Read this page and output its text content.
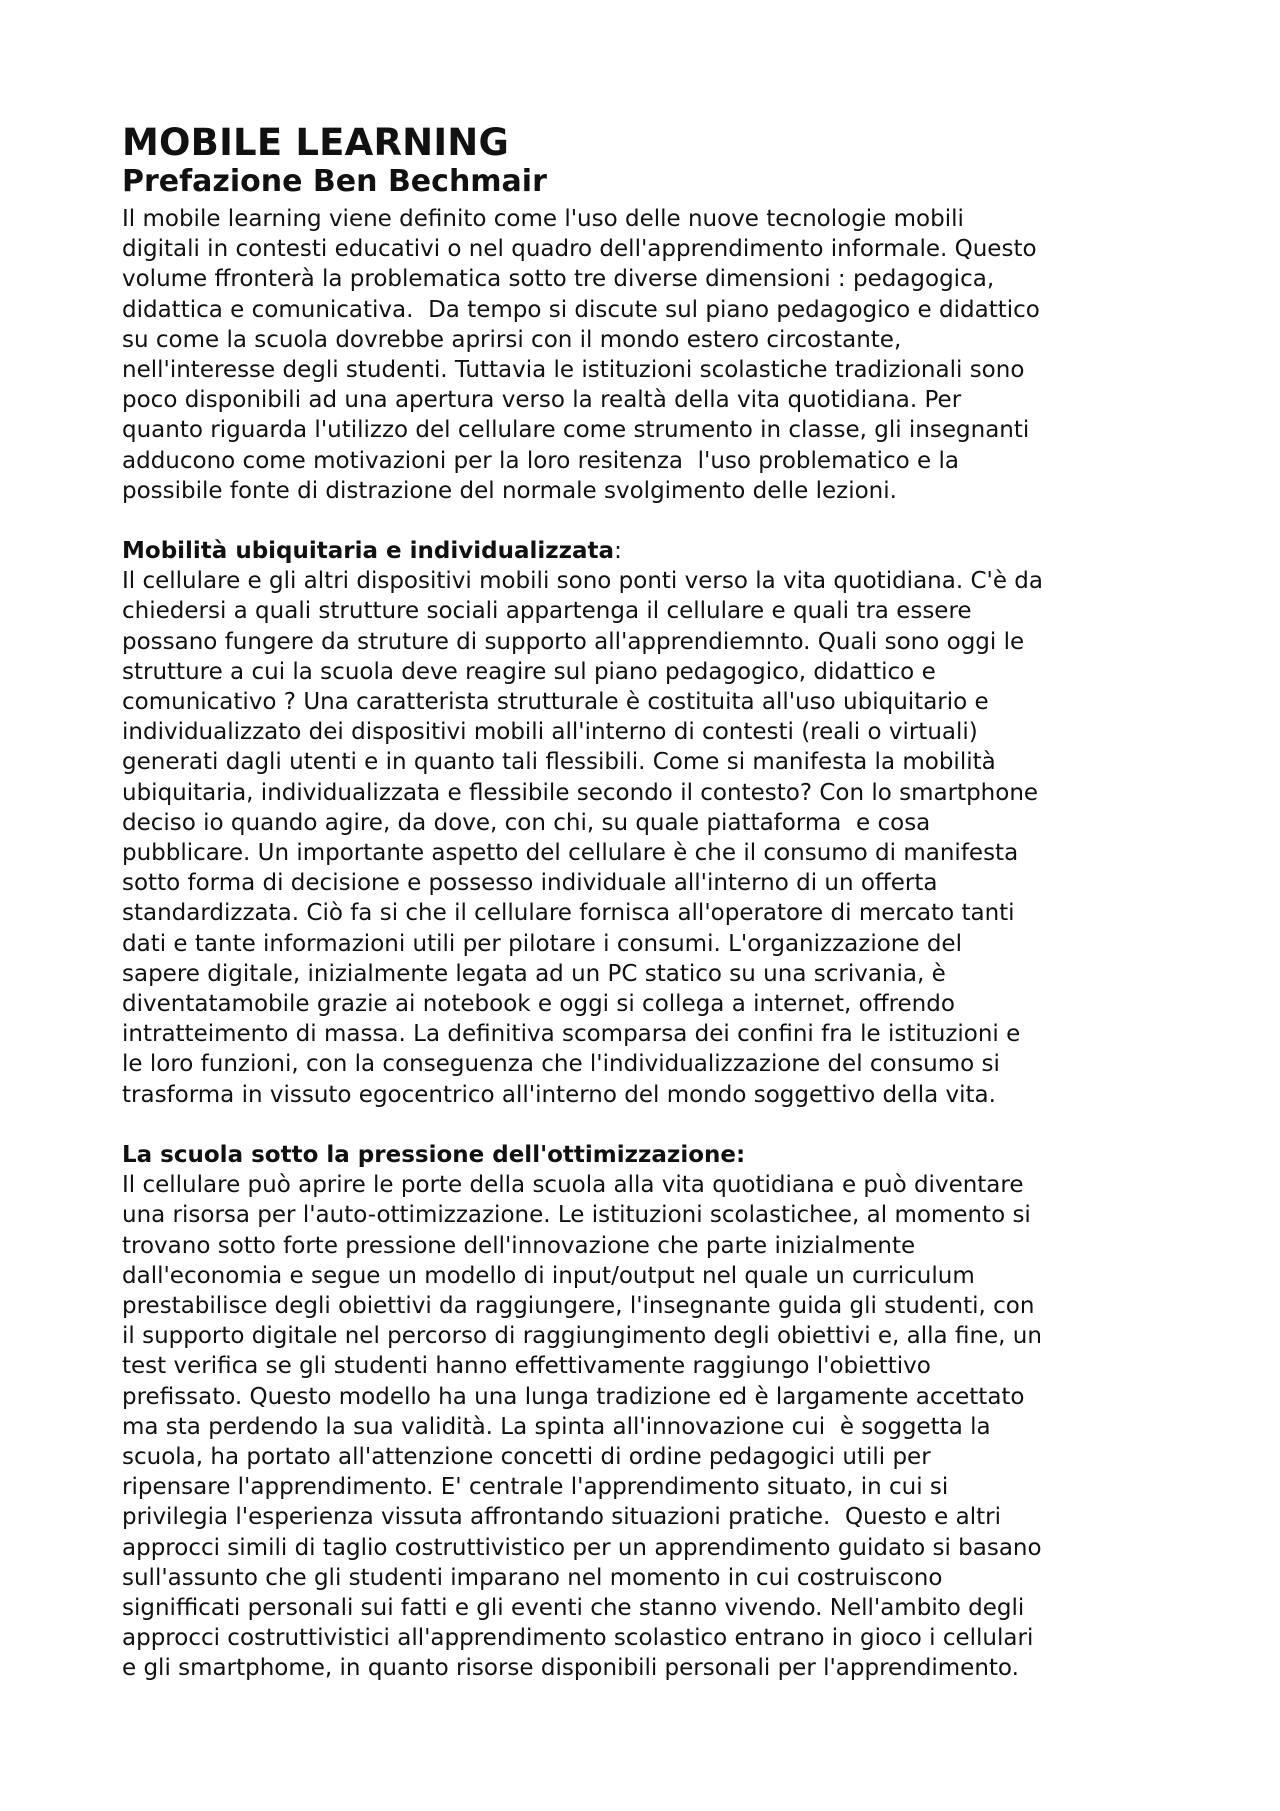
MOBILE LEARNING
Prefazione Ben Bechmair
Il mobile learning viene definito come l'uso delle nuove tecnologie mobili
digitali in contesti educativi o nel quadro dell'apprendimento informale. Questo
volume ffronterà la problematica sotto tre diverse dimensioni : pedagogica,
didattica e comunicativa.  Da tempo si discute sul piano pedagogico e didattico
su come la scuola dovrebbe aprirsi con il mondo estero circostante,
nell'interesse degli studenti. Tuttavia le istituzioni scolastiche tradizionali sono
poco disponibili ad una apertura verso la realtà della vita quotidiana. Per
quanto riguarda l'utilizzo del cellulare come strumento in classe, gli insegnanti
adducono come motivazioni per la loro resitenza  l'uso problematico e la
possibile fonte di distrazione del normale svolgimento delle lezioni.
Mobilità ubiquitaria e individualizzata:
Il cellulare e gli altri dispositivi mobili sono ponti verso la vita quotidiana. C'è da
chiedersi a quali strutture sociali appartenga il cellulare e quali tra essere
possano fungere da struture di supporto all'apprendiemnto. Quali sono oggi le
strutture a cui la scuola deve reagire sul piano pedagogico, didattico e
comunicativo ? Una caratterista strutturale è costituita all'uso ubiquitario e
individualizzato dei dispositivi mobili all'interno di contesti (reali o virtuali)
generati dagli utenti e in quanto tali flessibili. Come si manifesta la mobilità
ubiquitaria, individualizzata e flessibile secondo il contesto? Con lo smartphone
deciso io quando agire, da dove, con chi, su quale piattaforma  e cosa
pubblicare. Un importante aspetto del cellulare è che il consumo di manifesta
sotto forma di decisione e possesso individuale all'interno di un offerta
standardizzata. Ciò fa si che il cellulare fornisca all'operatore di mercato tanti
dati e tante informazioni utili per pilotare i consumi. L'organizzazione del
sapere digitale, inizialmente legata ad un PC statico su una scrivania, è
diventatamobile grazie ai notebook e oggi si collega a internet, offrendo
intratteimento di massa. La definitiva scomparsa dei confini fra le istituzioni e
le loro funzioni, con la conseguenza che l'individualizzazione del consumo si
trasforma in vissuto egocentrico all'interno del mondo soggettivo della vita.
La scuola sotto la pressione dell'ottimizzazione:
Il cellulare può aprire le porte della scuola alla vita quotidiana e può diventare
una risorsa per l'auto-ottimizzazione. Le istituzioni scolastichee, al momento si
trovano sotto forte pressione dell'innovazione che parte inizialmente
dall'economia e segue un modello di input/output nel quale un curriculum
prestabilisce degli obiettivi da raggiungere, l'insegnante guida gli studenti, con
il supporto digitale nel percorso di raggiungimento degli obiettivi e, alla fine, un
test verifica se gli studenti hanno effettivamente raggiungo l'obiettivo
prefissato. Questo modello ha una lunga tradizione ed è largamente accettato
ma sta perdendo la sua validità. La spinta all'innovazione cui  è soggetta la
scuola, ha portato all'attenzione concetti di ordine pedagogici utili per
ripensare l'apprendimento. E' centrale l'apprendimento situato, in cui si
privilegia l'esperienza vissuta affrontando situazioni pratiche.  Questo e altri
approcci simili di taglio costruttivistico per un apprendimento guidato si basano
sull'assunto che gli studenti imparano nel momento in cui costruiscono
signifficati personali sui fatti e gli eventi che stanno vivendo. Nell'ambito degli
approcci costruttivistici all'apprendimento scolastico entrano in gioco i cellulari
e gli smartphome, in quanto risorse disponibili personali per l'apprendimento.
